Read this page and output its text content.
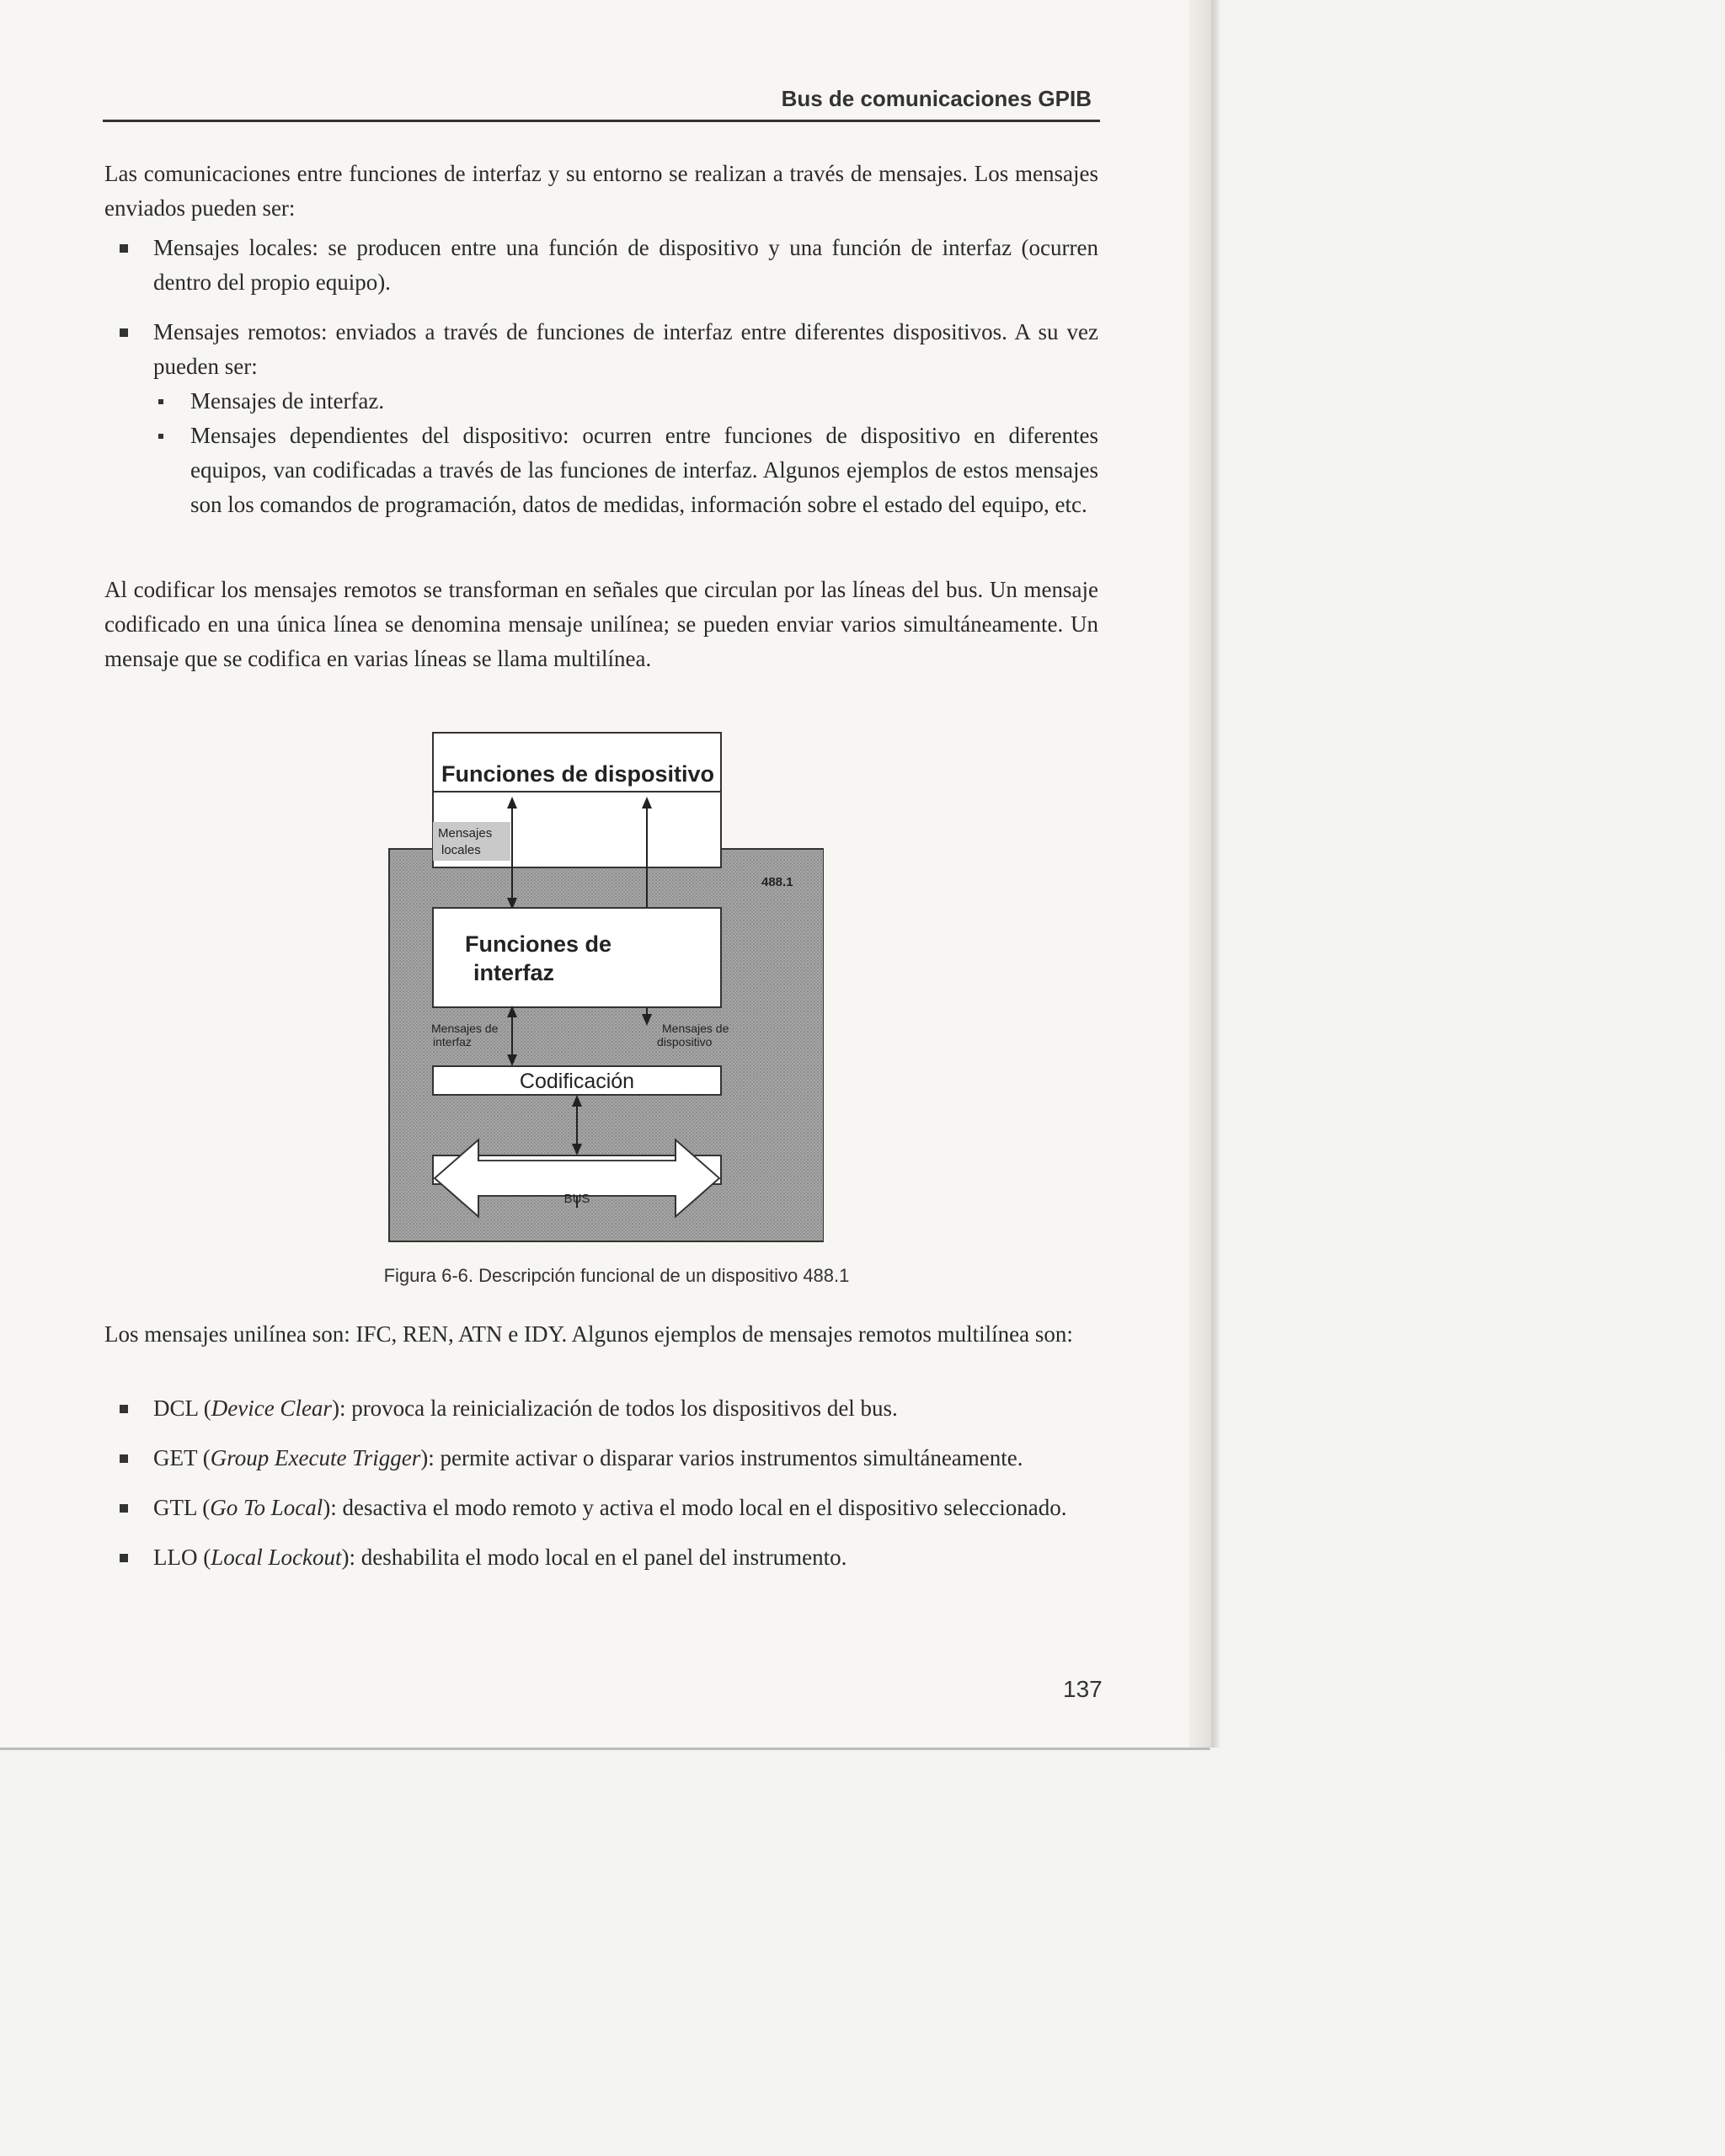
Bus de comunicaciones GPIB

Las comunicaciones entre funciones de interfaz y su entorno se realizan a través de mensajes. Los mensajes enviados pueden ser:

Mensajes locales: se producen entre una función de dispositivo y una función de interfaz (ocurren dentro del propio equipo).
Mensajes remotos: enviados a través de funciones de interfaz entre diferentes dispositivos. A su vez pueden ser:
Mensajes de interfaz.
Mensajes dependientes del dispositivo: ocurren entre funciones de dispositivo en diferentes equipos, van codificadas a través de las funciones de interfaz. Algunos ejemplos de estos mensajes son los comandos de programación, datos de medidas, información sobre el estado del equipo, etc.

Al codificar los mensajes remotos se transforman en señales que circulan por las líneas del bus. Un mensaje codificado en una única línea se denomina mensaje unilínea; se pueden enviar varios simultáneamente. Un mensaje que se codifica en varias líneas se llama multilínea.

Funciones de dispositivo
Mensajes
locales
488.1
Funciones de
interfaz
Mensajes de
interfaz
Mensajes de
dispositivo
Codificación
BUS
Figura 6-6. Descripción funcional de un dispositivo 488.1

Los mensajes unilínea son: IFC, REN, ATN e IDY. Algunos ejemplos de mensajes remotos multilínea son:

DCL (Device Clear): provoca la reinicialización de todos los dispositivos del bus.
GET (Group Execute Trigger): permite activar o disparar varios instrumentos simultáneamente.
GTL (Go To Local): desactiva el modo remoto y activa el modo local en el dispositivo seleccionado.
LLO (Local Lockout): deshabilita el modo local en el panel del instrumento.
137
